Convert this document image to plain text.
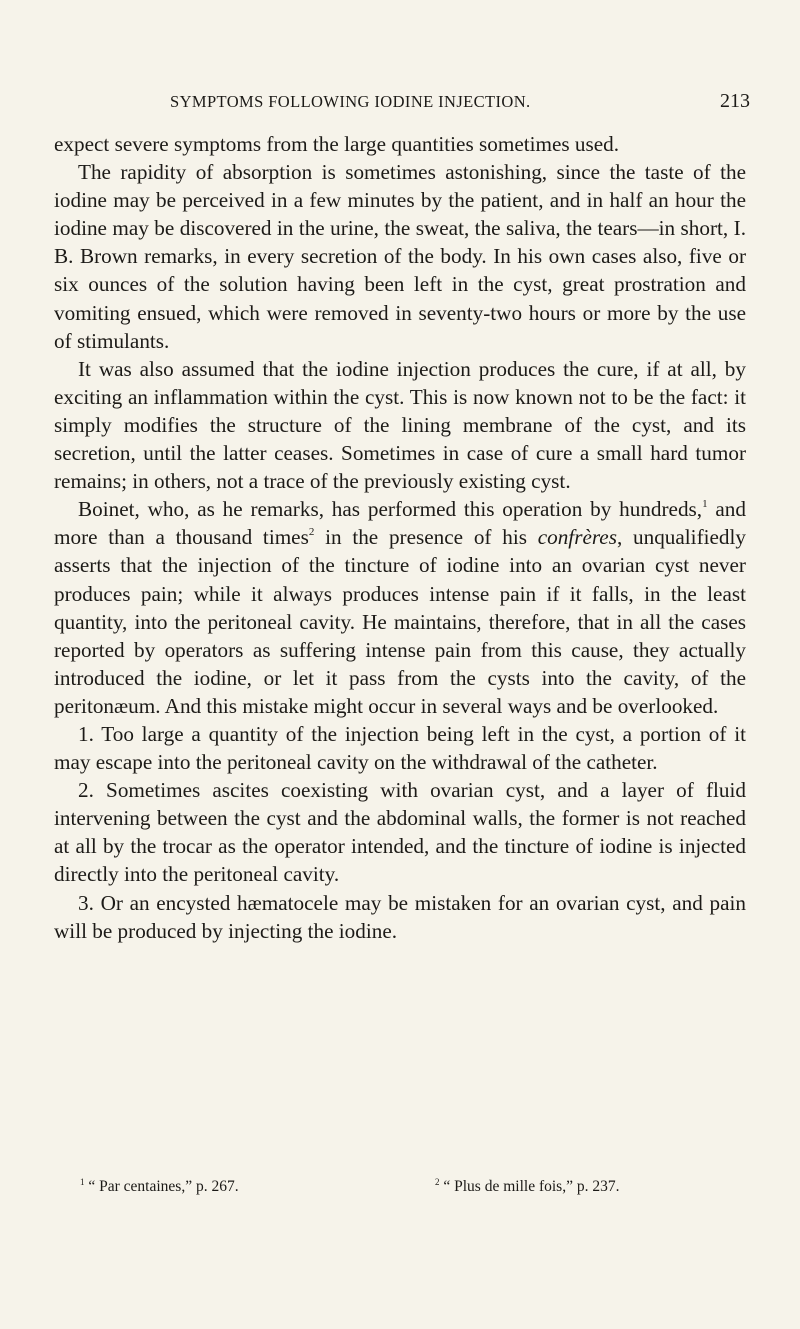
SYMPTOMS FOLLOWING IODINE INJECTION.	213

expect severe symptoms from the large quantities sometimes used.

The rapidity of absorption is sometimes astonishing, since the taste of the iodine may be perceived in a few minutes by the patient, and in half an hour the iodine may be discovered in the urine, the sweat, the saliva, the tears—in short, I. B. Brown remarks, in every secretion of the body. In his own cases also, five or six ounces of the solution having been left in the cyst, great prostration and vomiting ensued, which were removed in seventy-two hours or more by the use of stimulants.

It was also assumed that the iodine injection produces the cure, if at all, by exciting an inflammation within the cyst. This is now known not to be the fact: it simply modifies the structure of the lining membrane of the cyst, and its secretion, until the latter ceases. Sometimes in case of cure a small hard tumor remains; in others, not a trace of the previously existing cyst.

Boinet, who, as he remarks, has performed this operation by hundreds,$^1$ and more than a thousand times$^2$ in the presence of his confrères, unqualifiedly asserts that the injection of the tincture of iodine into an ovarian cyst never produces pain; while it always produces intense pain if it falls, in the least quantity, into the peritoneal cavity. He maintains, therefore, that in all the cases reported by operators as suffering intense pain from this cause, they actually introduced the iodine, or let it pass from the cysts into the cavity, of the peritonæum. And this mistake might occur in several ways and be overlooked.

1. Too large a quantity of the injection being left in the cyst, a portion of it may escape into the peritoneal cavity on the withdrawal of the catheter.

2. Sometimes ascites coexisting with ovarian cyst, and a layer of fluid intervening between the cyst and the abdominal walls, the former is not reached at all by the trocar as the operator intended, and the tincture of iodine is injected directly into the peritoneal cavity.

3. Or an encysted hæmatocele may be mistaken for an ovarian cyst, and pain will be produced by injecting the iodine.

$^1$ “ Par centaines,” p. 267.	$^2$ “ Plus de mille fois,” p. 237.
